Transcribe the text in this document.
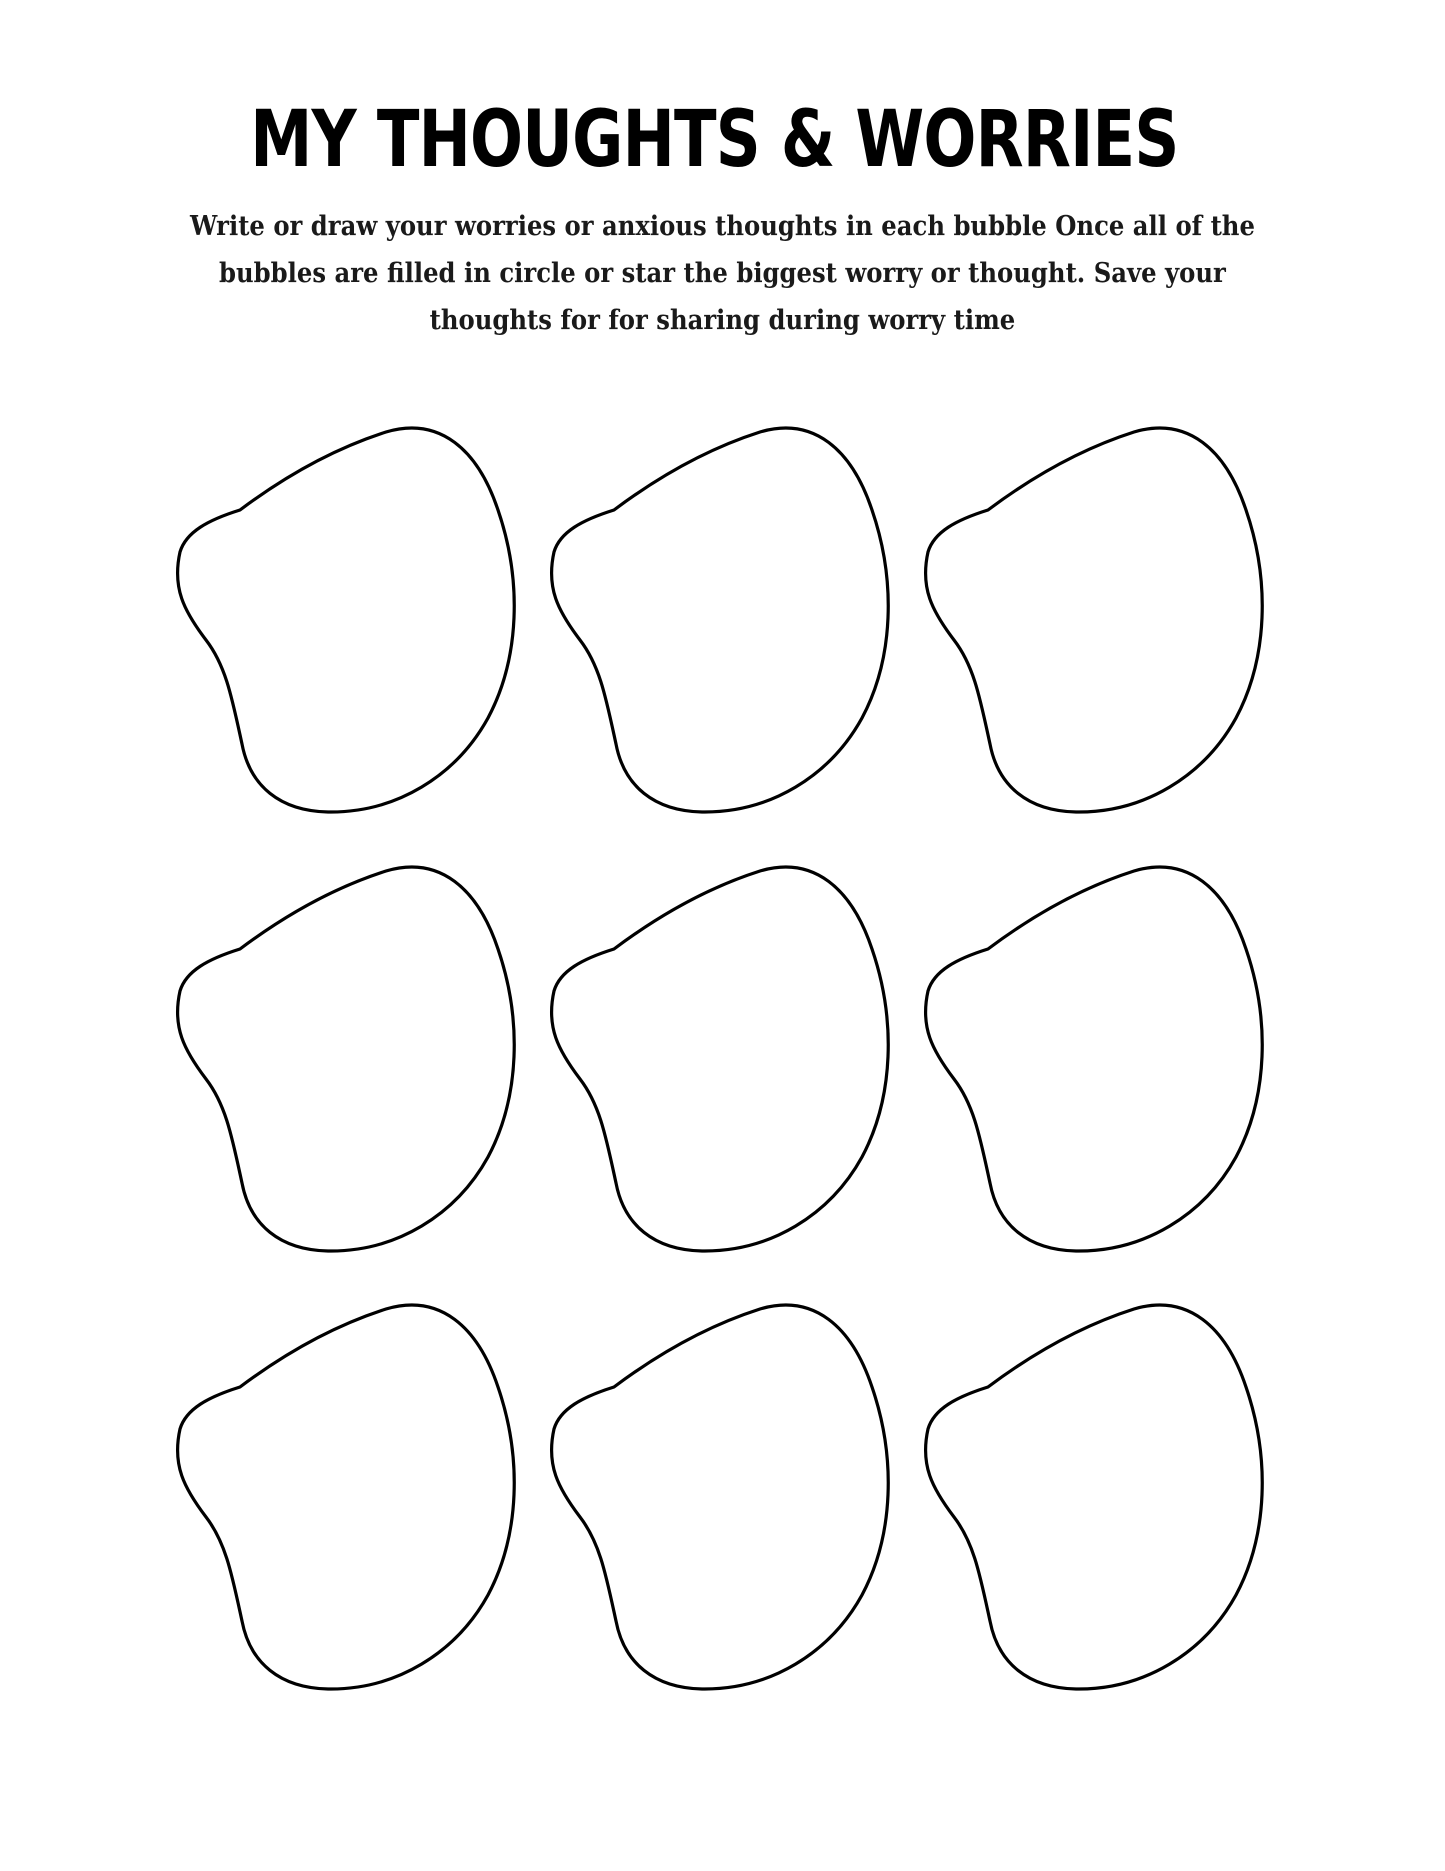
MY THOUGHTS & WORRIES
Write or draw your worries or anxious thoughts in each bubble Once all of the bubbles are filled in circle or star the biggest worry or thought. Save your thoughts for for sharing during worry time
